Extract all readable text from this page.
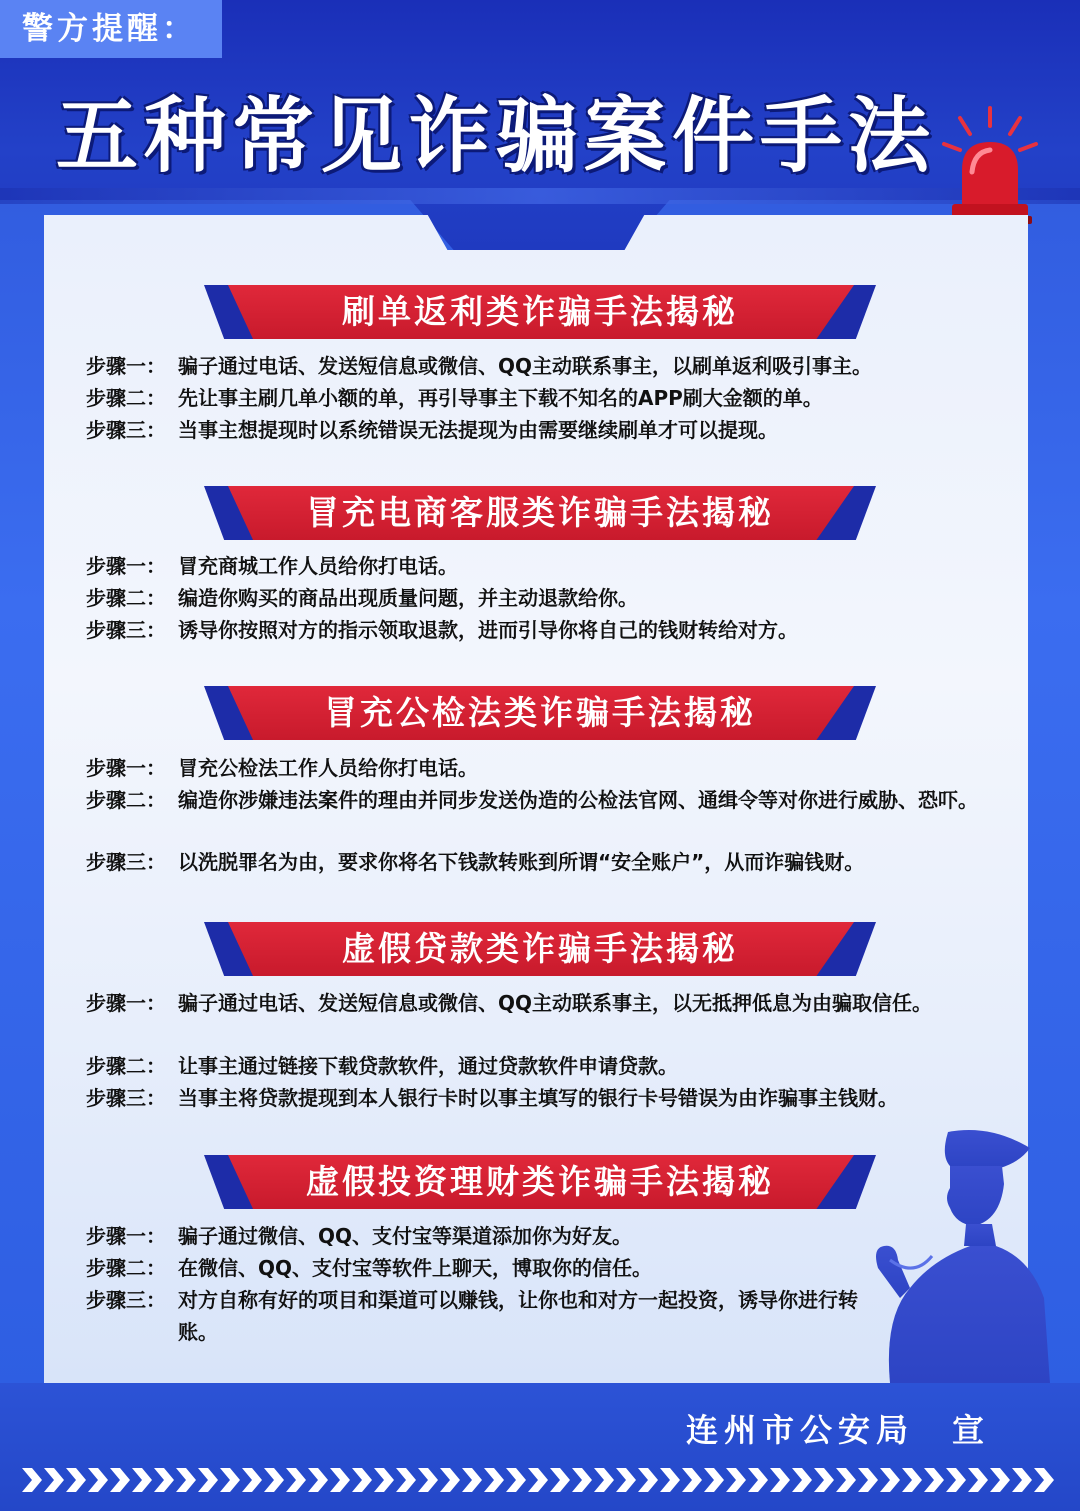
警方提醒：
五种常见诈骗案件手法
刷单返利类诈骗手法揭秘
步骤一： 骗子通过电话、发送短信息或微信、QQ主动联系事主，以刷单返利吸引事主。
步骤二： 先让事主刷几单小额的单，再引导事主下载不知名的APP刷大金额的单。
步骤三： 当事主想提现时以系统错误无法提现为由需要继续刷单才可以提现。
冒充电商客服类诈骗手法揭秘
步骤一： 冒充商城工作人员给你打电话。
步骤二： 编造你购买的商品出现质量问题，并主动退款给你。
步骤三： 诱导你按照对方的指示领取退款，进而引导你将自己的钱财转给对方。
冒充公检法类诈骗手法揭秘
步骤一： 冒充公检法工作人员给你打电话。
步骤二： 编造你涉嫌违法案件的理由并同步发送伪造的公检法官网、通缉令等对你进行威胁、恐吓。
步骤三： 以洗脱罪名为由，要求你将名下钱款转账到所谓“安全账户”，从而诈骗钱财。
虚假贷款类诈骗手法揭秘
步骤一： 骗子通过电话、发送短信息或微信、QQ主动联系事主，以无抵押低息为由骗取信任。
步骤二： 让事主通过链接下载贷款软件，通过贷款软件申请贷款。
步骤三： 当事主将贷款提现到本人银行卡时以事主填写的银行卡号错误为由诈骗事主钱财。
虚假投资理财类诈骗手法揭秘
步骤一： 骗子通过微信、QQ、支付宝等渠道添加你为好友。
步骤二： 在微信、QQ、支付宝等软件上聊天，博取你的信任。
步骤三： 对方自称有好的项目和渠道可以赚钱，让你也和对方一起投资，诱导你进行转账。
连州市公安局　宣
